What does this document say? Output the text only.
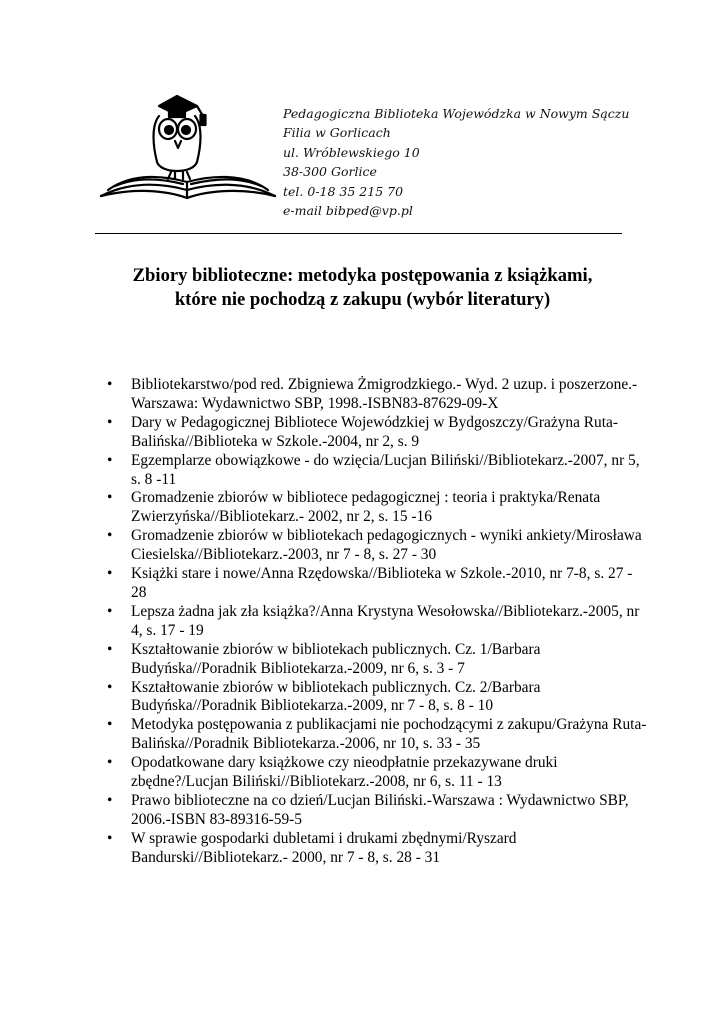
Pedagogiczna Biblioteka Wojewódzka w Nowym Sączu
Filia w Gorlicach
ul. Wróblewskiego 10
38-300 Gorlice
tel. 0-18 35 215 70
e-mail bibped@vp.pl
Zbiory biblioteczne: metodyka postępowania z książkami,
które nie pochodzą z zakupu (wybór literatury)
• Bibliotekarstwo/pod red. Zbigniewa Żmigrodzkiego.- Wyd. 2 uzup. i poszerzone.- Warszawa: Wydawnictwo SBP, 1998.-ISBN83-87629-09-X
• Dary w Pedagogicznej Bibliotece Wojewódzkiej w Bydgoszczy/Grażyna Ruta-Balińska//Biblioteka w Szkole.-2004, nr 2, s. 9
• Egzemplarze obowiązkowe - do wzięcia/Lucjan Biliński//Bibliotekarz.-2007, nr 5, s. 8 -11
• Gromadzenie zbiorów w bibliotece pedagogicznej : teoria i praktyka/Renata Zwierzyńska//Bibliotekarz.- 2002, nr 2, s. 15 -16
• Gromadzenie zbiorów w bibliotekach pedagogicznych - wyniki ankiety/Mirosława Ciesielska//Bibliotekarz.-2003, nr 7 - 8, s. 27 - 30
• Książki stare i nowe/Anna Rzędowska//Biblioteka w Szkole.-2010, nr 7-8, s. 27 - 28
• Lepsza żadna jak zła książka?/Anna Krystyna Wesołowska//Bibliotekarz.-2005, nr 4, s. 17 - 19
• Kształtowanie zbiorów w bibliotekach publicznych. Cz. 1/Barbara Budyńska//Poradnik Bibliotekarza.-2009, nr 6, s. 3 - 7
• Kształtowanie zbiorów w bibliotekach publicznych. Cz. 2/Barbara Budyńska//Poradnik Bibliotekarza.-2009, nr 7 - 8, s. 8 - 10
• Metodyka postępowania z publikacjami nie pochodzącymi z zakupu/Grażyna Ruta-Balińska//Poradnik Bibliotekarza.-2006, nr 10, s. 33 - 35
• Opodatkowane dary książkowe czy nieodpłatnie przekazywane druki zbędne?/Lucjan Biliński//Bibliotekarz.-2008, nr 6, s. 11 - 13
• Prawo biblioteczne na co dzień/Lucjan Biliński.-Warszawa : Wydawnictwo SBP, 2006.-ISBN 83-89316-59-5
• W sprawie gospodarki dubletami i drukami zbędnymi/Ryszard Bandurski//Bibliotekarz.- 2000, nr 7 - 8, s. 28 - 31
